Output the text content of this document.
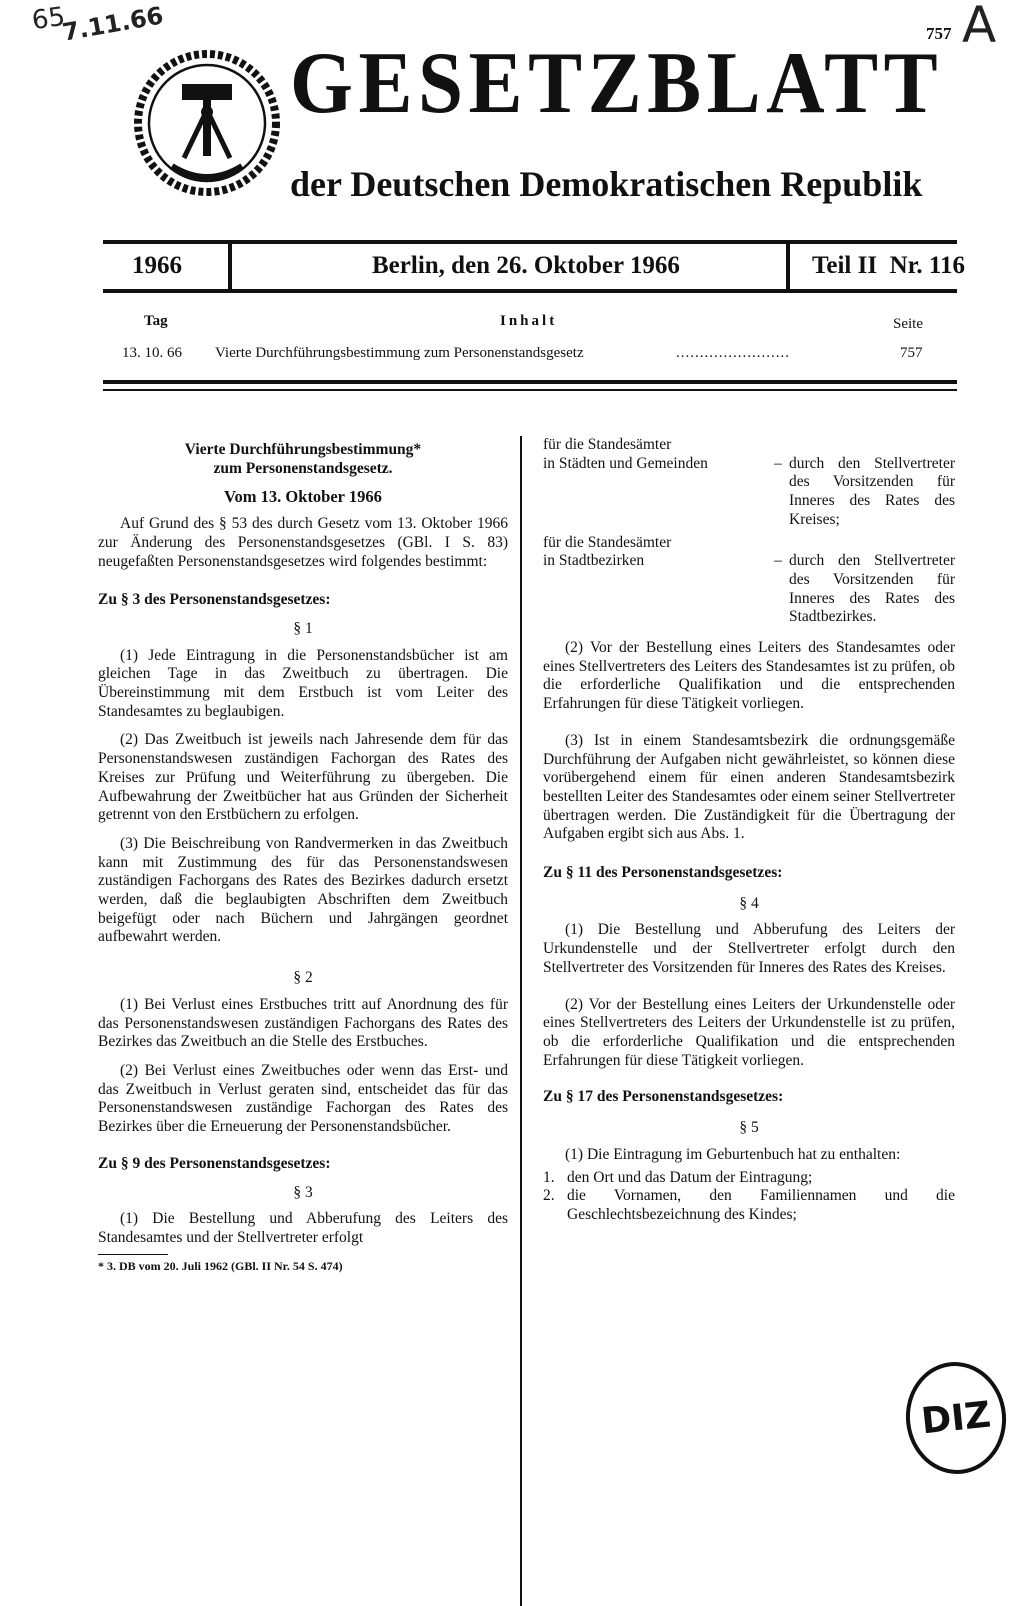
65
7.11.66	A
757
GESETZBLATT
der Deutschen Demokratischen Republik
1966	Berlin, den 26. Oktober 1966	Teil II  Nr. 116
Tag	Inhalt	Seite
13. 10. 66 Vierte Durchführungsbestimmung zum Personenstandsgesetz	........................	757
Vierte Durchführungsbestimmung*
zum Personenstandsgesetz.
Vom 13. Oktober 1966

Auf Grund des § 53 des durch Gesetz vom 13. Oktober 1966 zur Änderung des Personenstandsgesetzes (GBl. I S. 83) neugefaßten Personenstandsgesetzes wird folgendes bestimmt:

Zu § 3 des Personenstandsgesetzes:

§ 1

(1) Jede Eintragung in die Personenstandsbücher ist am gleichen Tage in das Zweitbuch zu übertragen. Die Übereinstimmung mit dem Erstbuch ist vom Leiter des Standesamtes zu beglaubigen.

(2) Das Zweitbuch ist jeweils nach Jahresende dem für das Personenstandswesen zuständigen Fachorgan des Rates des Kreises zur Prüfung und Weiterführung zu übergeben. Die Aufbewahrung der Zweitbücher hat aus Gründen der Sicherheit getrennt von den Erstbüchern zu erfolgen.

(3) Die Beischreibung von Randvermerken in das Zweitbuch kann mit Zustimmung des für das Personenstandswesen zuständigen Fachorgans des Rates des Bezirkes dadurch ersetzt werden, daß die beglaubigten Abschriften dem Zweitbuch beigefügt oder nach Büchern und Jahrgängen geordnet aufbewahrt werden.

§ 2

(1) Bei Verlust eines Erstbuches tritt auf Anordnung des für das Personenstandswesen zuständigen Fachorgans des Rates des Bezirkes das Zweitbuch an die Stelle des Erstbuches.

(2) Bei Verlust eines Zweitbuches oder wenn das Erst- und das Zweitbuch in Verlust geraten sind, entscheidet das für das Personenstandswesen zuständige Fachorgan des Rates des Bezirkes über die Erneuerung der Personenstandsbücher.

Zu § 9 des Personenstandsgesetzes:

§ 3

(1) Die Bestellung und Abberufung des Leiters des Standesamtes und der Stellvertreter erfolgt

* 3. DB vom 20. Juli 1962 (GBl. II Nr. 54 S. 474)
für die Standesämter
in Städten und Gemeinden	– durch den Stellvertreter des Vorsitzenden für Inneres des Rates des Kreises;
für die Standesämter
in Stadtbezirken	– durch den Stellvertreter des Vorsitzenden für Inneres des Rates des Stadtbezirkes.

(2) Vor der Bestellung eines Leiters des Standesamtes oder eines Stellvertreters des Leiters des Standesamtes ist zu prüfen, ob die erforderliche Qualifikation und die entsprechenden Erfahrungen für diese Tätigkeit vorliegen.

(3) Ist in einem Standesamtsbezirk die ordnungsgemäße Durchführung der Aufgaben nicht gewährleistet, so können diese vorübergehend einem für einen anderen Standesamtsbezirk bestellten Leiter des Standesamtes oder einem seiner Stellvertreter übertragen werden. Die Zuständigkeit für die Übertragung der Aufgaben ergibt sich aus Abs. 1.

Zu § 11 des Personenstandsgesetzes:

§ 4

(1) Die Bestellung und Abberufung des Leiters der Urkundenstelle und der Stellvertreter erfolgt durch den Stellvertreter des Vorsitzenden für Inneres des Rates des Kreises.

(2) Vor der Bestellung eines Leiters der Urkundenstelle oder eines Stellvertreters des Leiters der Urkundenstelle ist zu prüfen, ob die erforderliche Qualifikation und die entsprechenden Erfahrungen für diese Tätigkeit vorliegen.

Zu § 17 des Personenstandsgesetzes:

§ 5

(1) Die Eintragung im Geburtenbuch hat zu enthalten:

1. den Ort und das Datum der Eintragung;
2. die Vornamen, den Familiennamen und die Geschlechtsbezeichnung des Kindes;
DIZ
